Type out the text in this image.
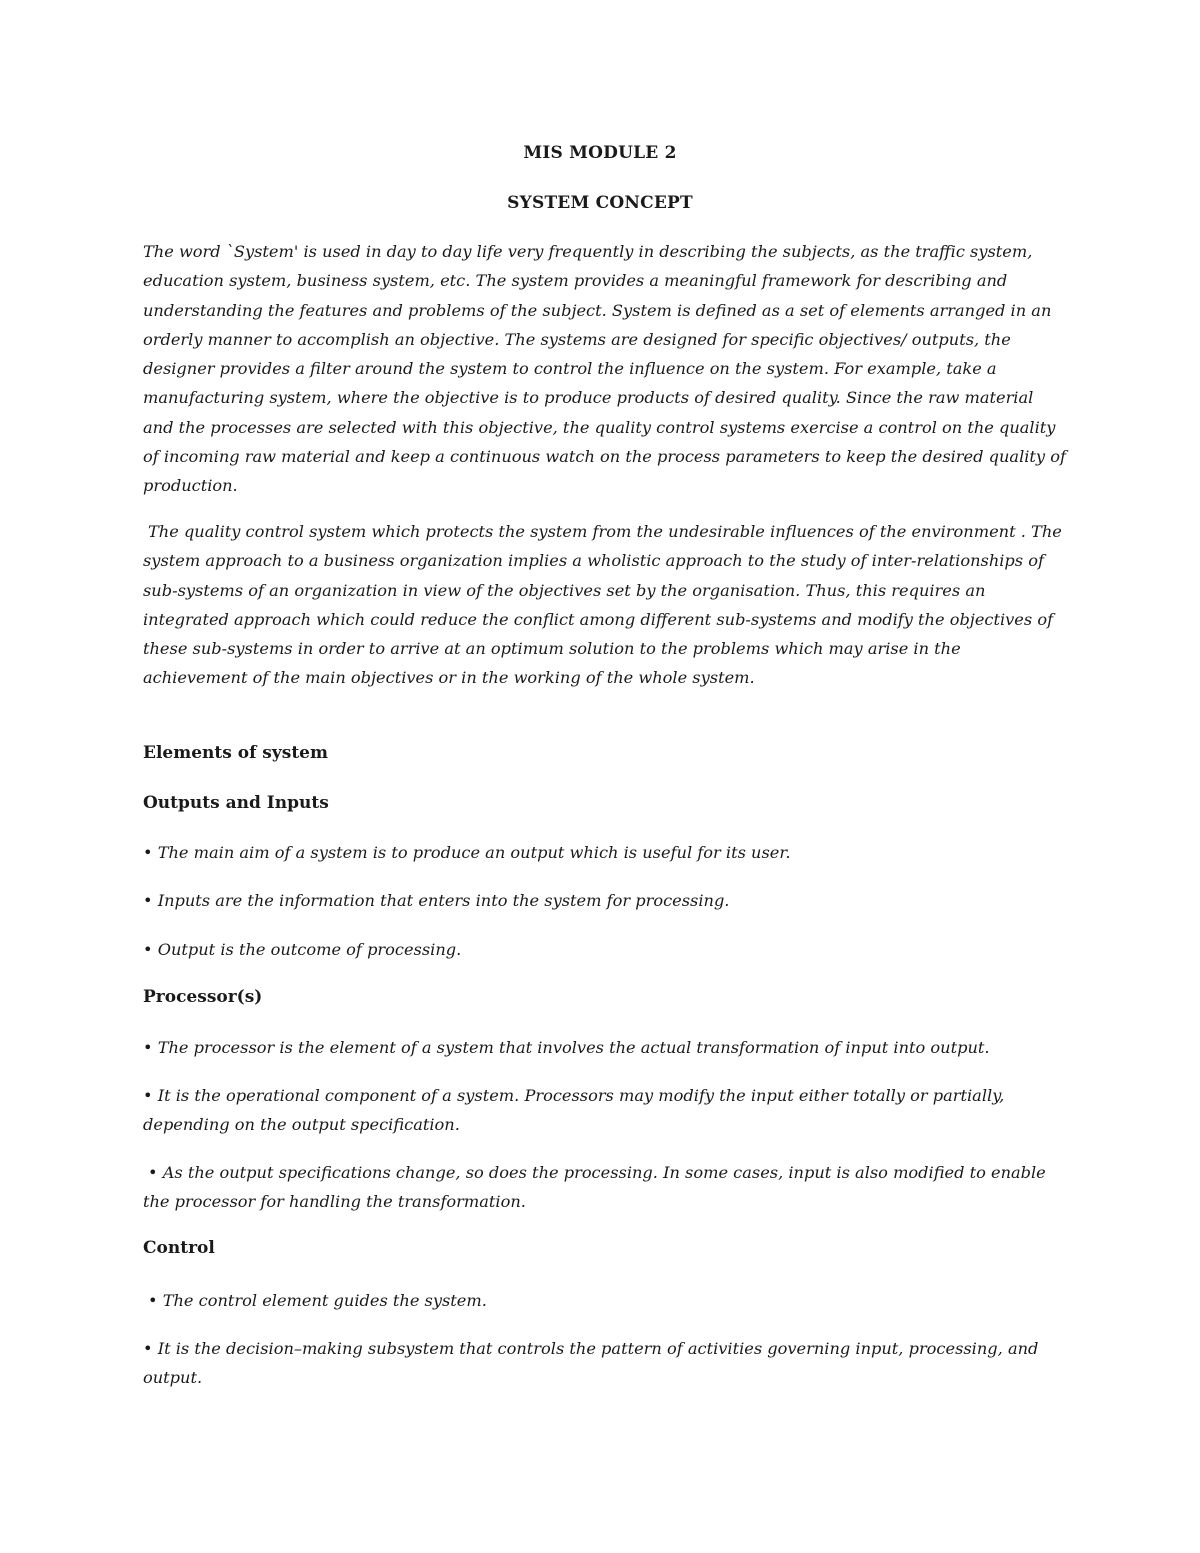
MIS MODULE 2
SYSTEM CONCEPT
The word `System' is used in day to day life very frequently in describing the subjects, as the traffic system, education system, business system, etc. The system provides a meaningful framework for describing and understanding the features and problems of the subject. System is defined as a set of elements arranged in an orderly manner to accomplish an objective. The systems are designed for specific objectives/ outputs, the designer provides a filter around the system to control the influence on the system. For example, take a manufacturing system, where the objective is to produce products of desired quality. Since the raw material and the processes are selected with this objective, the quality control systems exercise a control on the quality of incoming raw material and keep a continuous watch on the process parameters to keep the desired quality of production.
The quality control system which protects the system from the undesirable influences of the environment . The system approach to a business organization implies a wholistic approach to the study of inter-relationships of sub-systems of an organization in view of the objectives set by the organisation. Thus, this requires an integrated approach which could reduce the conflict among different sub-systems and modify the objectives of these sub-systems in order to arrive at an optimum solution to the problems which may arise in the achievement of the main objectives or in the working of the whole system.
Elements of system
Outputs and Inputs
• The main aim of a system is to produce an output which is useful for its user.
• Inputs are the information that enters into the system for processing.
• Output is the outcome of processing.
Processor(s)
• The processor is the element of a system that involves the actual transformation of input into output.
• It is the operational component of a system. Processors may modify the input either totally or partially, depending on the output specification.
• As the output specifications change, so does the processing. In some cases, input is also modified to enable the processor for handling the transformation.
Control
• The control element guides the system.
• It is the decision–making subsystem that controls the pattern of activities governing input, processing, and output.
